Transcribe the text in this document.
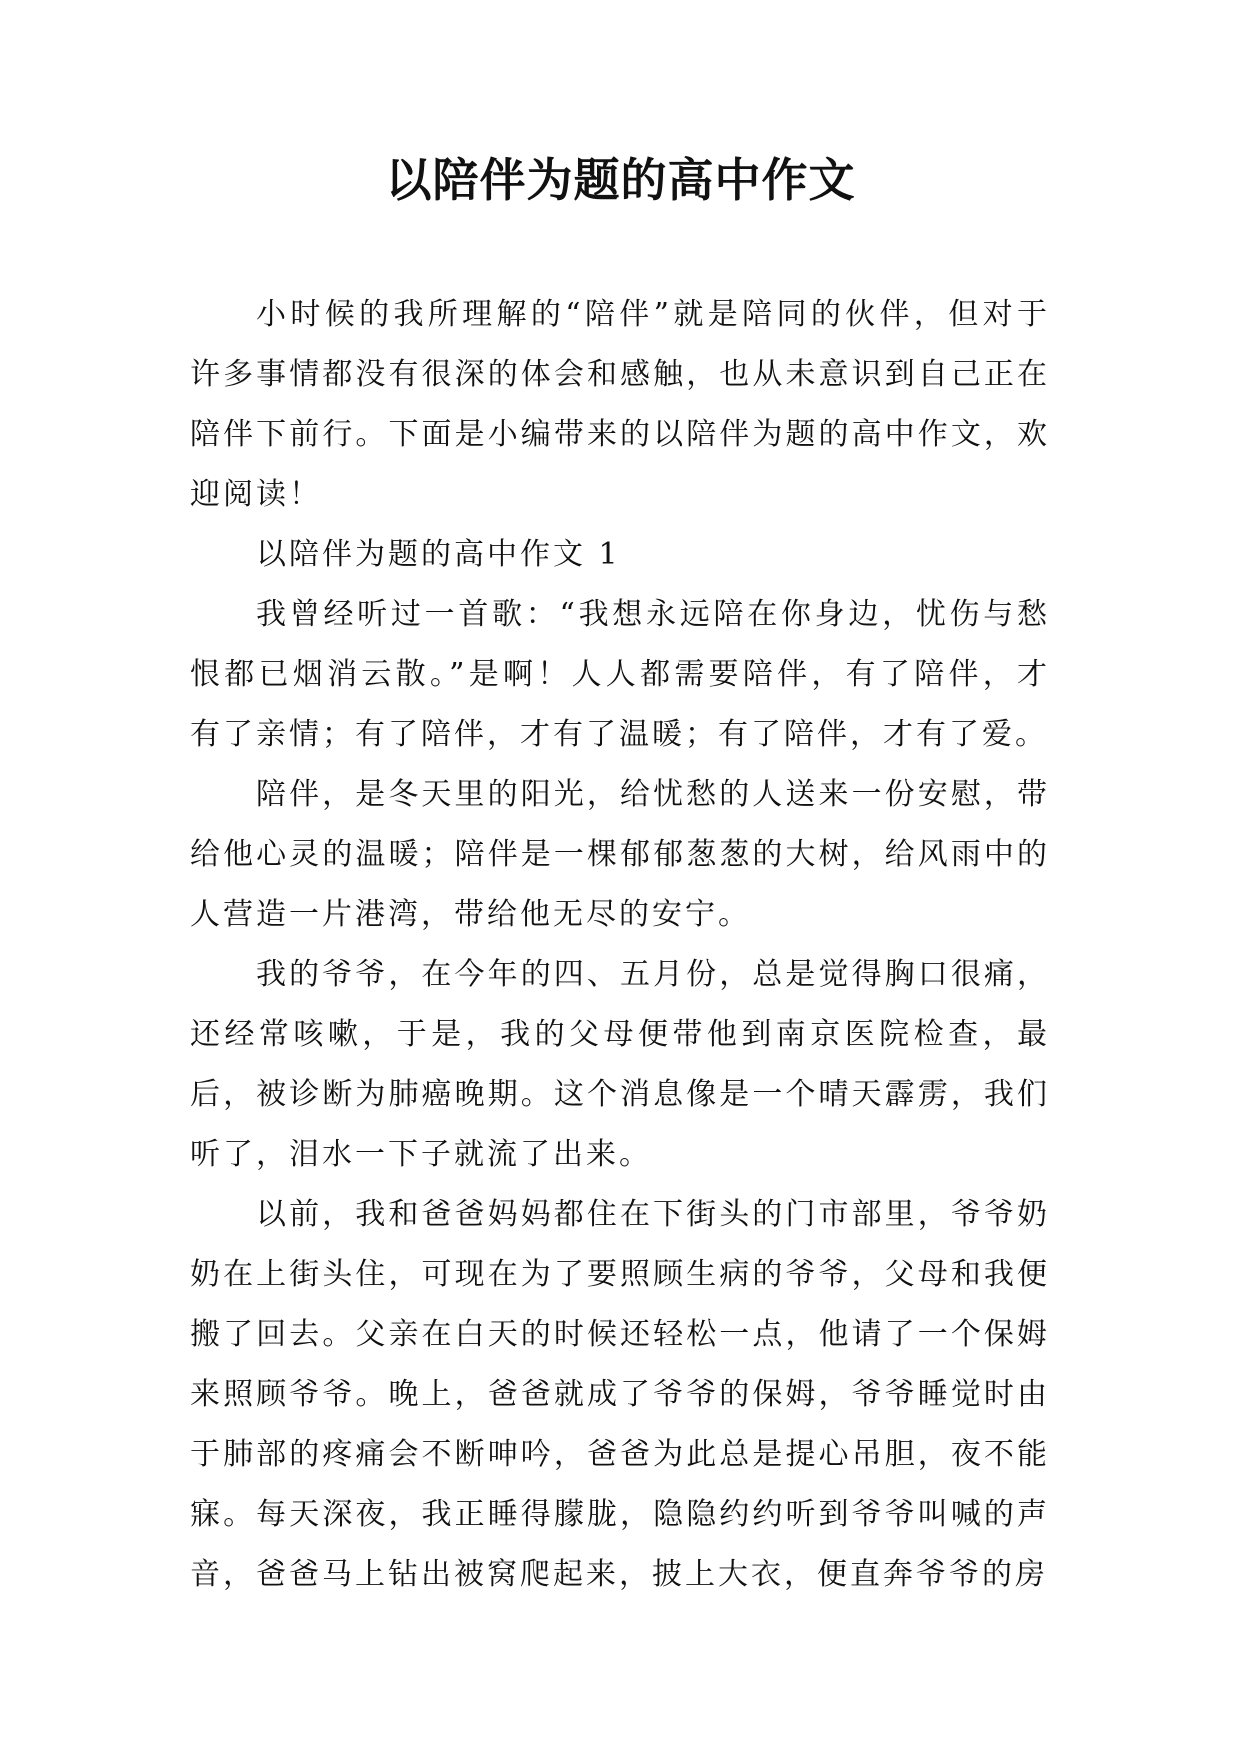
以陪伴为题的高中作文

小时候的我所理解的“陪伴”就是陪同的伙伴，但对于许多事情都没有很深的体会和感触，也从未意识到自己正在陪伴下前行。下面是小编带来的以陪伴为题的高中作文，欢迎阅读！

以陪伴为题的高中作文 1

我曾经听过一首歌：“我想永远陪在你身边，忧伤与愁恨都已烟消云散。”是啊！人人都需要陪伴，有了陪伴，才有了亲情；有了陪伴，才有了温暖；有了陪伴，才有了爱。

陪伴，是冬天里的阳光，给忧愁的人送来一份安慰，带给他心灵的温暖；陪伴是一棵郁郁葱葱的大树，给风雨中的人营造一片港湾，带给他无尽的安宁。

我的爷爷，在今年的四、五月份，总是觉得胸口很痛，还经常咳嗽，于是，我的父母便带他到南京医院检查，最后，被诊断为肺癌晚期。这个消息像是一个晴天霹雳，我们听了，泪水一下子就流了出来。

以前，我和爸爸妈妈都住在下街头的门市部里，爷爷奶奶在上街头住，可现在为了要照顾生病的爷爷，父母和我便搬了回去。父亲在白天的时候还轻松一点，他请了一个保姆来照顾爷爷。晚上，爸爸就成了爷爷的保姆，爷爷睡觉时由于肺部的疼痛会不断呻吟，爸爸为此总是提心吊胆，夜不能寐。每天深夜，我正睡得朦胧，隐隐约约听到爷爷叫喊的声音，爸爸马上钻出被窝爬起来，披上大衣，便直奔爷爷的房
